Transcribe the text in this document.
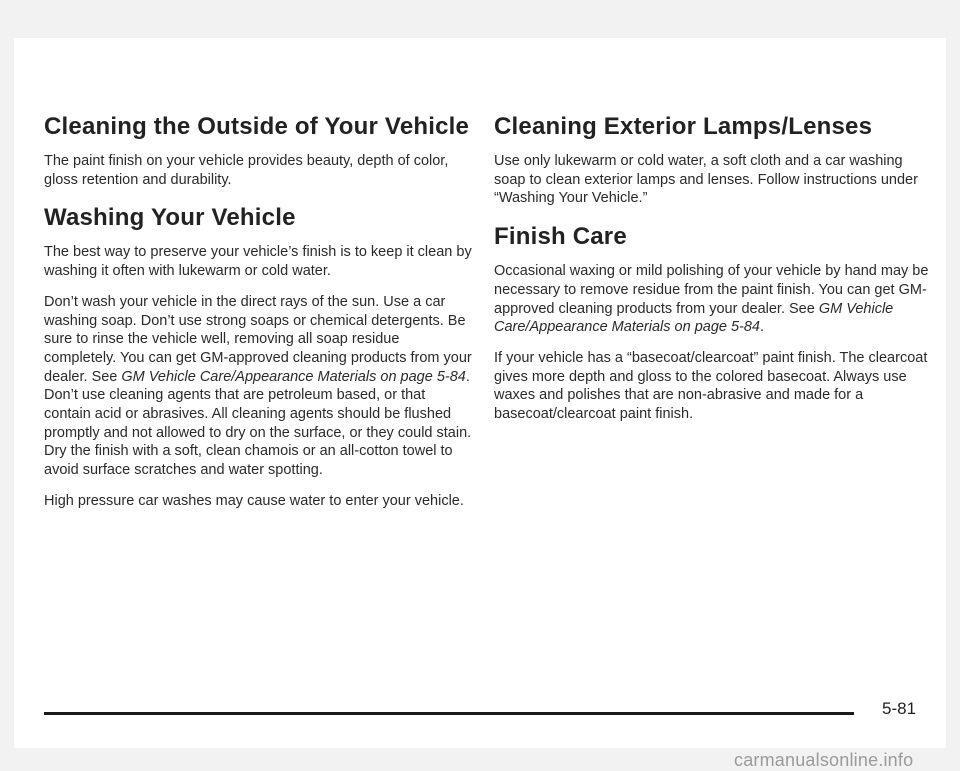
Cleaning the Outside of Your Vehicle

The paint finish on your vehicle provides beauty, depth of color, gloss retention and durability.

Washing Your Vehicle

The best way to preserve your vehicle’s finish is to keep it clean by washing it often with lukewarm or cold water.

Don’t wash your vehicle in the direct rays of the sun. Use a car washing soap. Don’t use strong soaps or chemical detergents. Be sure to rinse the vehicle well, removing all soap residue completely. You can get GM-approved cleaning products from your dealer. See GM Vehicle Care/Appearance Materials on page 5-84. Don’t use cleaning agents that are petroleum based, or that contain acid or abrasives. All cleaning agents should be flushed promptly and not allowed to dry on the surface, or they could stain. Dry the finish with a soft, clean chamois or an all-cotton towel to avoid surface scratches and water spotting.

High pressure car washes may cause water to enter your vehicle.

Cleaning Exterior Lamps/Lenses

Use only lukewarm or cold water, a soft cloth and a car washing soap to clean exterior lamps and lenses. Follow instructions under “Washing Your Vehicle.”

Finish Care

Occasional waxing or mild polishing of your vehicle by hand may be necessary to remove residue from the paint finish. You can get GM-approved cleaning products from your dealer. See GM Vehicle Care/Appearance Materials on page 5-84.

If your vehicle has a “basecoat/clearcoat” paint finish. The clearcoat gives more depth and gloss to the colored basecoat. Always use waxes and polishes that are non-abrasive and made for a basecoat/clearcoat paint finish.

5-81
carmanualsonline.info
